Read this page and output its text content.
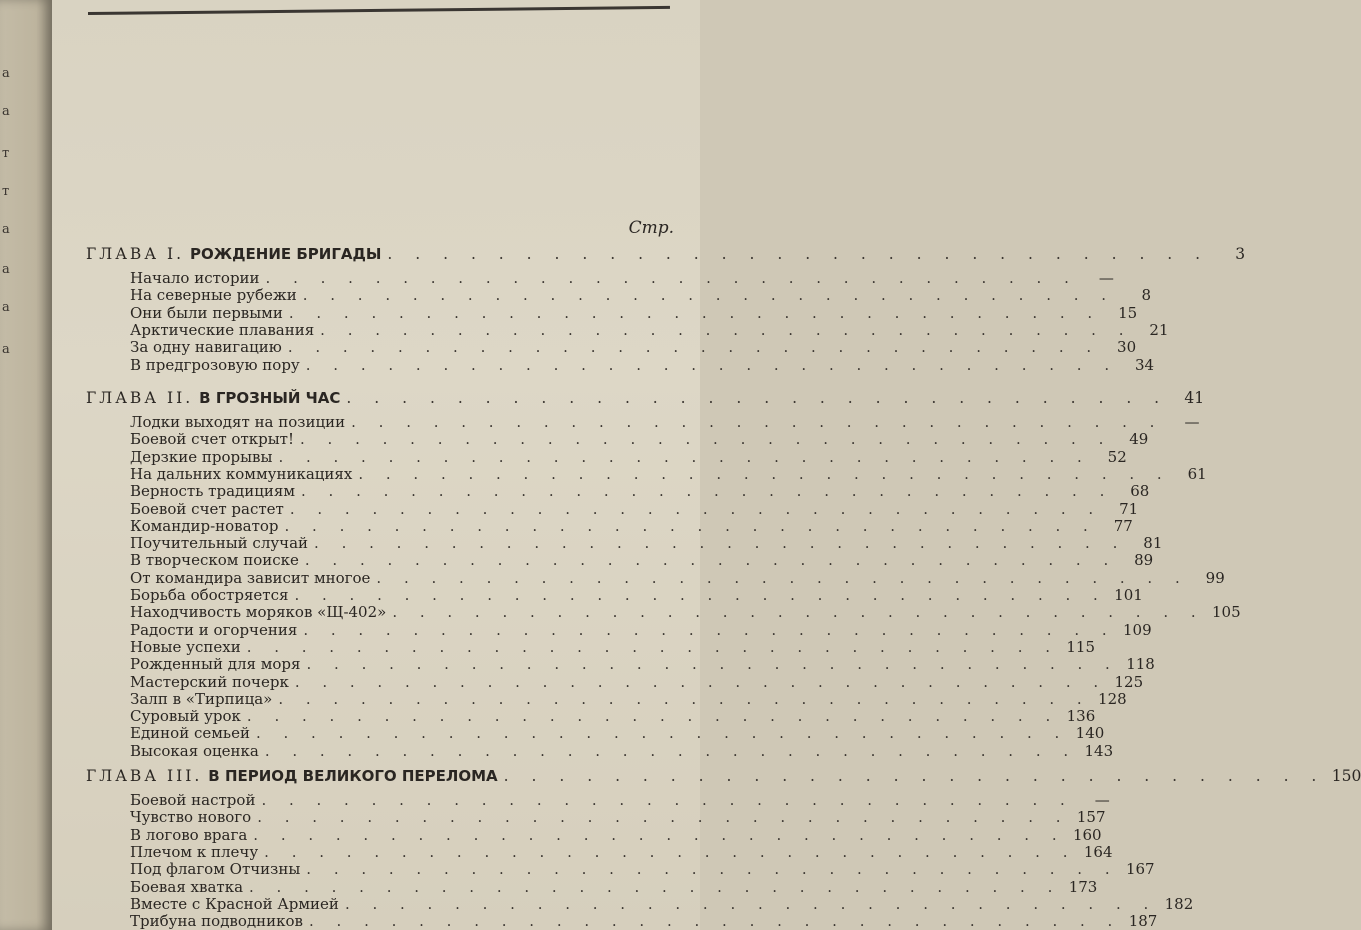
а
а
т
т
а
а
а
а
Стр.
ГЛАВА I. РОЖДЕНИЕ БРИГАДЫ . . . . . . . . . . . . . . . . . . . . . . . . . . . . . .	3
Начало истории . . . . . . . . . . . . . . . . . . . . . . . . . . . . . .	—
На северные рубежи . . . . . . . . . . . . . . . . . . . . . . . . . . . . . .	8
Они были первыми . . . . . . . . . . . . . . . . . . . . . . . . . . . . . .	15
Арктические плавания . . . . . . . . . . . . . . . . . . . . . . . . . . . . . .	21
За одну навигацию . . . . . . . . . . . . . . . . . . . . . . . . . . . . . .	30
В предгрозовую пору . . . . . . . . . . . . . . . . . . . . . . . . . . . . . .	34
ГЛАВА II. В ГРОЗНЫЙ ЧАС . . . . . . . . . . . . . . . . . . . . . . . . . . . . . .	41
Лодки выходят на позиции . . . . . . . . . . . . . . . . . . . . . . . . . . . . . .	—
Боевой счет открыт! . . . . . . . . . . . . . . . . . . . . . . . . . . . . . .	49
Дерзкие прорывы . . . . . . . . . . . . . . . . . . . . . . . . . . . . . .	52
На дальних коммуникациях . . . . . . . . . . . . . . . . . . . . . . . . . . . . . .	61
Верность традициям . . . . . . . . . . . . . . . . . . . . . . . . . . . . . .	68
Боевой счет растет . . . . . . . . . . . . . . . . . . . . . . . . . . . . . .	71
Командир-новатор . . . . . . . . . . . . . . . . . . . . . . . . . . . . . .	77
Поучительный случай . . . . . . . . . . . . . . . . . . . . . . . . . . . . . .	81
В творческом поиске . . . . . . . . . . . . . . . . . . . . . . . . . . . . . .	89
От командира зависит многое . . . . . . . . . . . . . . . . . . . . . . . . . . . . . .	99
Борьба обостряется . . . . . . . . . . . . . . . . . . . . . . . . . . . . . . 101
Находчивость моряков «Щ-402» . . . . . . . . . . . . . . . . . . . . . . . . . . . . . . 105
Радости и огорчения . . . . . . . . . . . . . . . . . . . . . . . . . . . . . . 109
Новые успехи . . . . . . . . . . . . . . . . . . . . . . . . . . . . . . 115
Рожденный для моря . . . . . . . . . . . . . . . . . . . . . . . . . . . . . . 118
Мастерский почерк . . . . . . . . . . . . . . . . . . . . . . . . . . . . . . 125
Залп в «Тирпица» . . . . . . . . . . . . . . . . . . . . . . . . . . . . . . 128
Суровый урок . . . . . . . . . . . . . . . . . . . . . . . . . . . . . . 136
Единой семьей . . . . . . . . . . . . . . . . . . . . . . . . . . . . . . 140
Высокая оценка . . . . . . . . . . . . . . . . . . . . . . . . . . . . . . 143
ГЛАВА III. В ПЕРИОД ВЕЛИКОГО ПЕРЕЛОМА . . . . . . . . . . . . . . . . . . . . . . . . . . . . . . 150
Боевой настрой . . . . . . . . . . . . . . . . . . . . . . . . . . . . . .	—
Чувство нового . . . . . . . . . . . . . . . . . . . . . . . . . . . . . . 157
В логово врага . . . . . . . . . . . . . . . . . . . . . . . . . . . . . . 160
Плечом к плечу . . . . . . . . . . . . . . . . . . . . . . . . . . . . . . 164
Под флагом Отчизны . . . . . . . . . . . . . . . . . . . . . . . . . . . . . . 167
Боевая хватка . . . . . . . . . . . . . . . . . . . . . . . . . . . . . . 173
Вместе с Красной Армией . . . . . . . . . . . . . . . . . . . . . . . . . . . . . . 182
Трибуна подводников . . . . . . . . . . . . . . . . . . . . . . . . . . . . . . 187
